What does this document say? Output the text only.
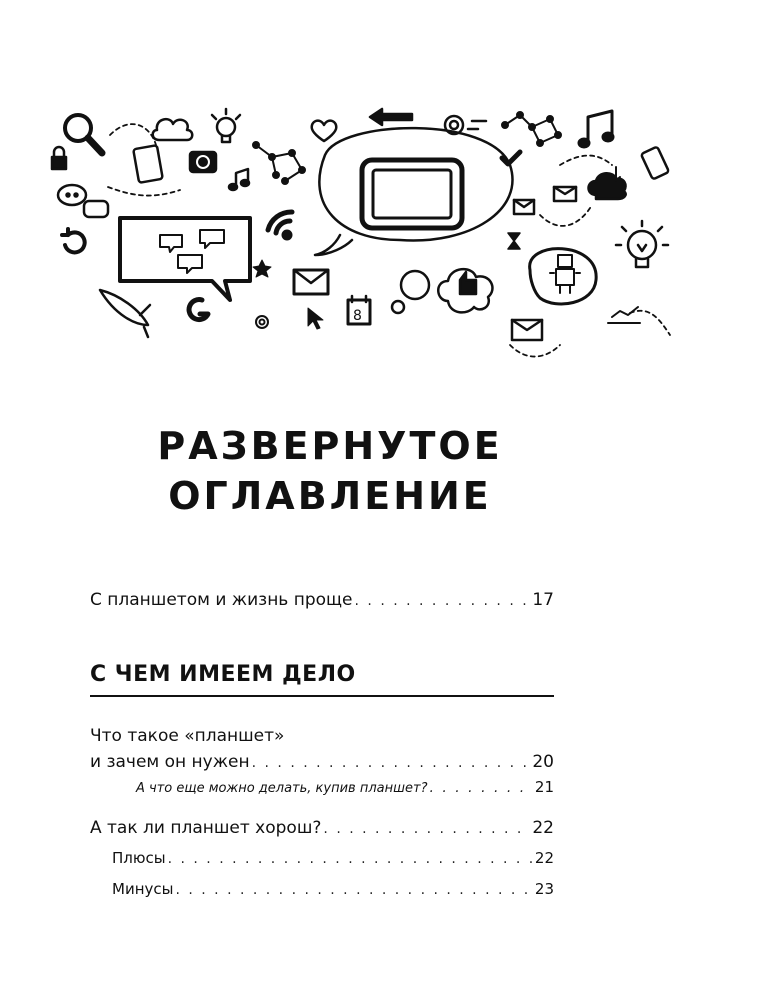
8
РАЗВЕРНУТОЕ
ОГЛАВЛЕНИЕ
С планшетом и жизнь проще . . .	17
С ЧЕМ ИМЕЕМ ДЕЛО
Что такое «планшет»
и зачем он нужен . . .	20
А что еще можно делать, купив планшет? . . .	21
А так ли планшет хорош? . . .	22
Плюсы . . .	22
Минусы . . .	23
